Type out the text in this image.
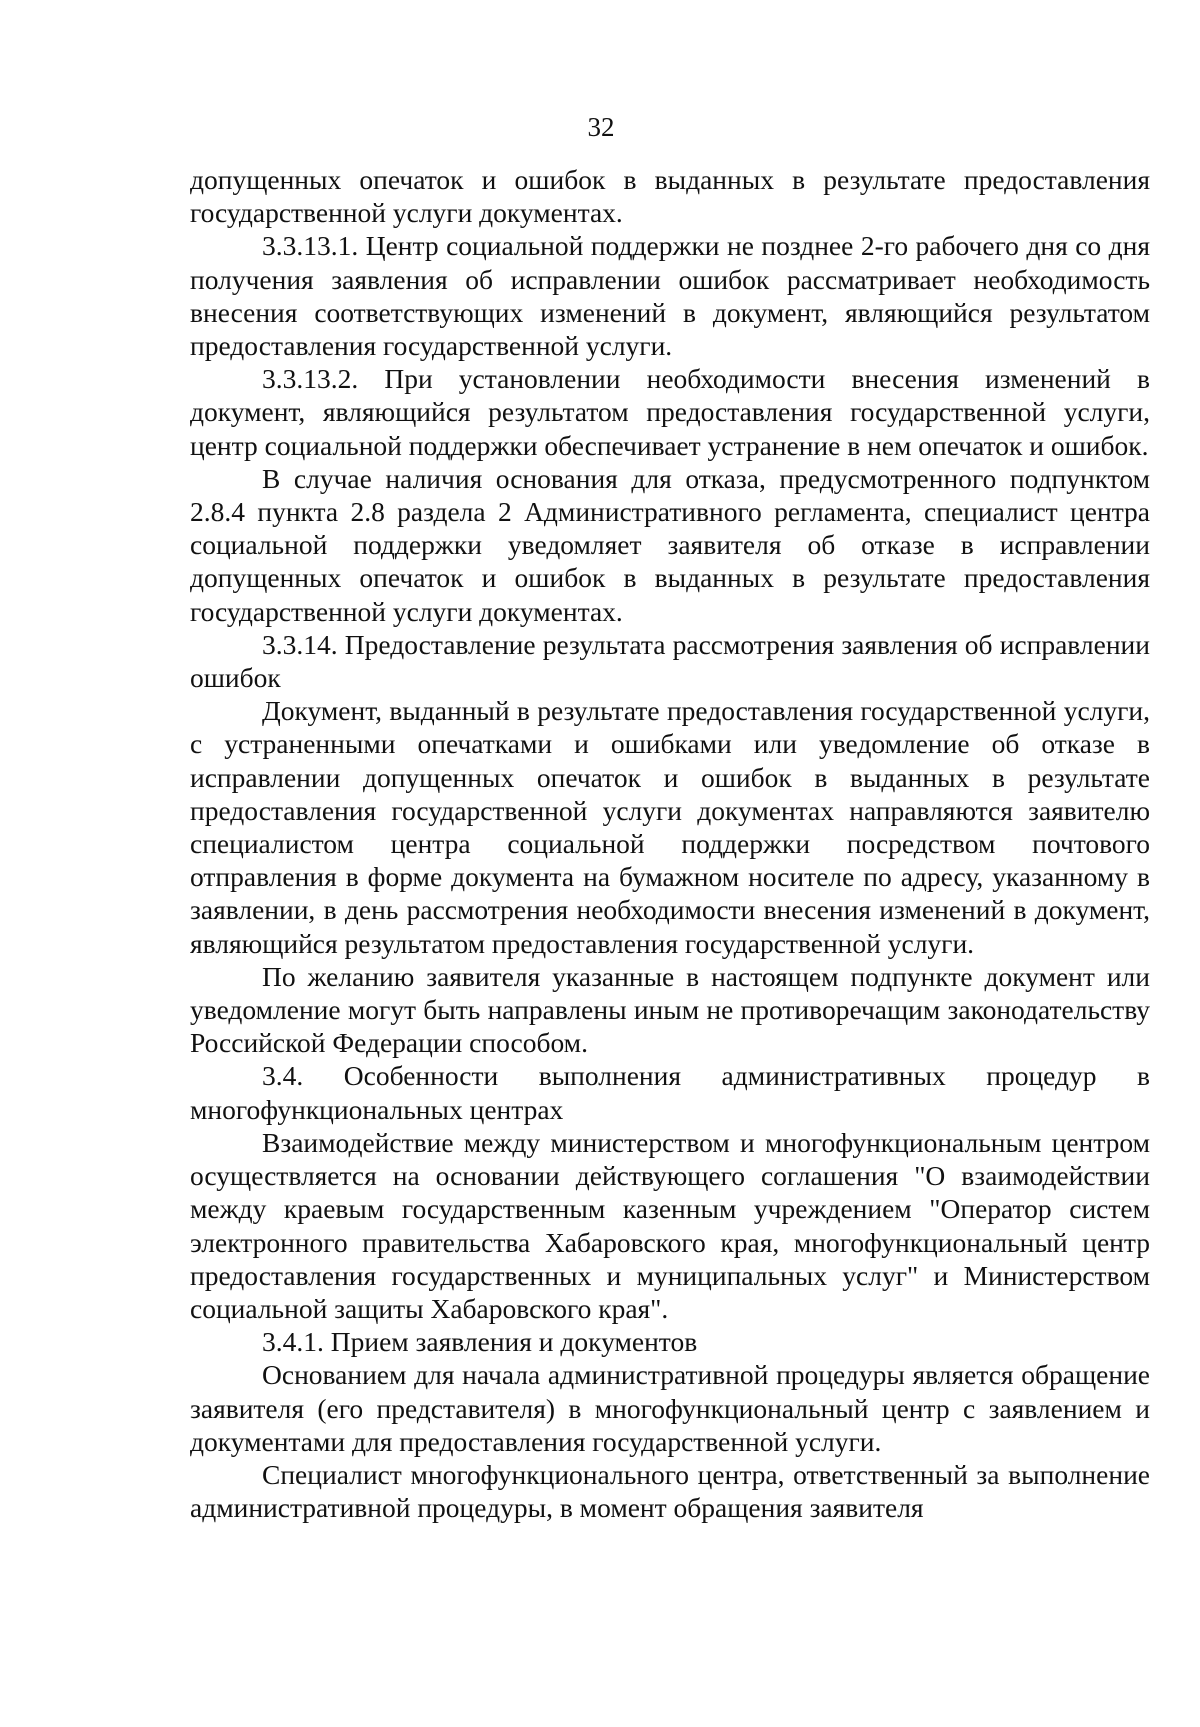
32

допущенных опечаток и ошибок в выданных в результате предоставления государственной услуги документах.

3.3.13.1. Центр социальной поддержки не позднее 2-го рабочего дня со дня получения заявления об исправлении ошибок рассматривает необходимость внесения соответствующих изменений в документ, являющийся результатом предоставления государственной услуги.

3.3.13.2. При установлении необходимости внесения изменений в документ, являющийся результатом предоставления государственной услуги, центр социальной поддержки обеспечивает устранение в нем опечаток и ошибок.

В случае наличия основания для отказа, предусмотренного подпунктом 2.8.4 пункта 2.8 раздела 2 Административного регламента, специалист центра социальной поддержки уведомляет заявителя об отказе в исправлении допущенных опечаток и ошибок в выданных в результате предоставления государственной услуги документах.

3.3.14. Предоставление результата рассмотрения заявления об исправлении ошибок

Документ, выданный в результате предоставления государственной услуги, с устраненными опечатками и ошибками или уведомление об отказе в исправлении допущенных опечаток и ошибок в выданных в результате предоставления государственной услуги документах направляются заявителю специалистом центра социальной поддержки посредством почтового отправления в форме документа на бумажном носителе по адресу, указанному в заявлении, в день рассмотрения необходимости внесения изменений в документ, являющийся результатом предоставления государственной услуги.

По желанию заявителя указанные в настоящем подпункте документ или уведомление могут быть направлены иным не противоречащим законодательству Российской Федерации способом.

3.4. Особенности выполнения административных процедур в многофункциональных центрах

Взаимодействие между министерством и многофункциональным центром осуществляется на основании действующего соглашения "О взаимодействии между краевым государственным казенным учреждением "Оператор систем электронного правительства Хабаровского края, многофункциональный центр предоставления государственных и муниципальных услуг" и Министерством социальной защиты Хабаровского края".

3.4.1. Прием заявления и документов

Основанием для начала административной процедуры является обращение заявителя (его представителя) в многофункциональный центр с заявлением и документами для предоставления государственной услуги.

Специалист многофункционального центра, ответственный за выполнение административной процедуры, в момент обращения заявителя
